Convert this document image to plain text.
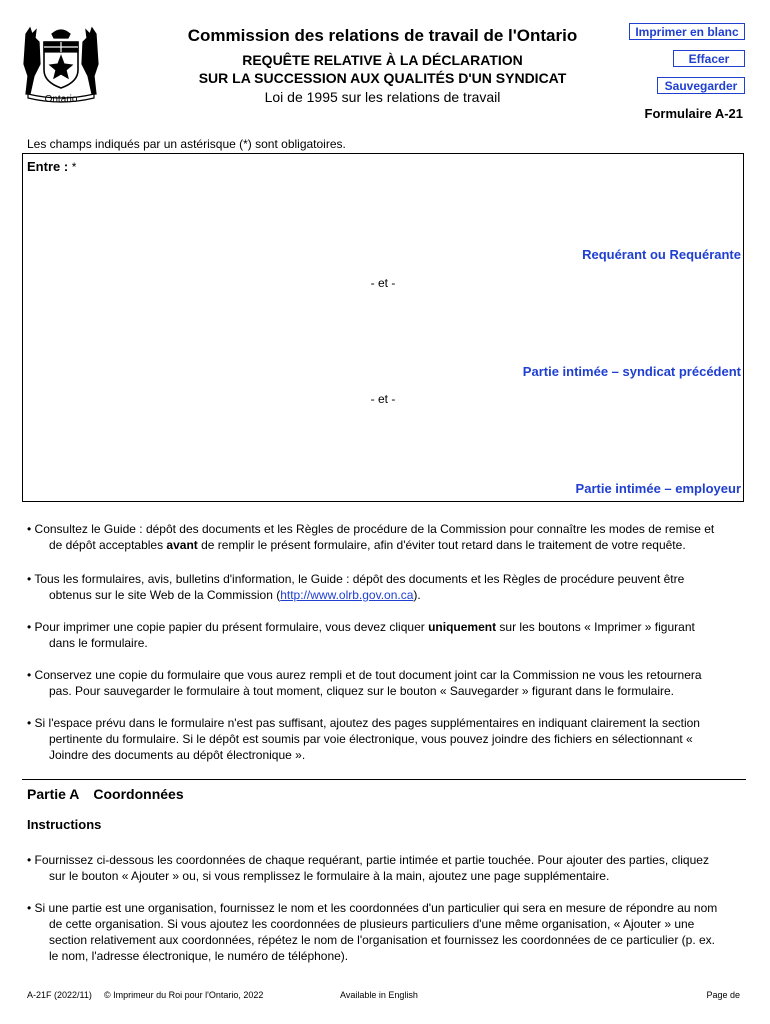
Ontario
Commission des relations de travail de l'Ontario
REQUÊTE RELATIVE À LA DÉCLARATION
SUR LA SUCCESSION AUX QUALITÉS D'UN SYNDICAT
Loi de 1995 sur les relations de travail
Imprimer en blanc
Effacer
Sauvegarder
Formulaire A-21
Les champs indiqués par un astérisque (*) sont obligatoires.
Entre : *
Requérant ou Requérante
- et -
Partie intimée – syndicat précédent
- et -
Partie intimée – employeur
• Consultez le Guide : dépôt des documents et les Règles de procédure de la Commission pour connaître les modes de remise et
de dépôt acceptables avant de remplir le présent formulaire, afin d'éviter tout retard dans le traitement de votre requête.
• Tous les formulaires, avis, bulletins d'information, le Guide : dépôt des documents et les Règles de procédure peuvent être
obtenus sur le site Web de la Commission (http://www.olrb.gov.on.ca).
• Pour imprimer une copie papier du présent formulaire, vous devez cliquer uniquement sur les boutons « Imprimer » figurant
dans le formulaire.
• Conservez une copie du formulaire que vous aurez rempli et de tout document joint car la Commission ne vous les retournera
pas. Pour sauvegarder le formulaire à tout moment, cliquez sur le bouton « Sauvegarder » figurant dans le formulaire.
• Si l'espace prévu dans le formulaire n'est pas suffisant, ajoutez des pages supplémentaires en indiquant clairement la section
pertinente du formulaire. Si le dépôt est soumis par voie électronique, vous pouvez joindre des fichiers en sélectionnant «
Joindre des documents au dépôt électronique ».
Partie A Coordonnées
Instructions
• Fournissez ci-dessous les coordonnées de chaque requérant, partie intimée et partie touchée. Pour ajouter des parties, cliquez
sur le bouton « Ajouter » ou, si vous remplissez le formulaire à la main, ajoutez une page supplémentaire.
• Si une partie est une organisation, fournissez le nom et les coordonnées d'un particulier qui sera en mesure de répondre au nom
de cette organisation. Si vous ajoutez les coordonnées de plusieurs particuliers d'une même organisation, « Ajouter » une
section relativement aux coordonnées, répétez le nom de l'organisation et fournissez les coordonnées de ce particulier (p. ex.
le nom, l'adresse électronique, le numéro de téléphone).
A-21F (2022/11) © Imprimeur du Roi pour l'Ontario, 2022	Available in English	Page de
